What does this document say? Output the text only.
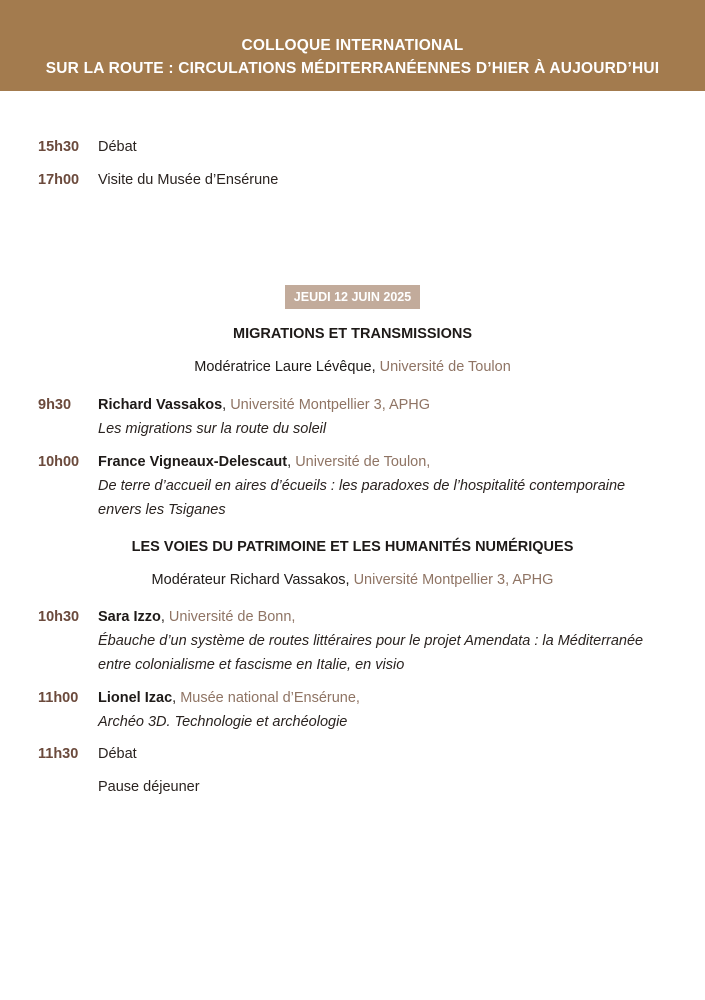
COLLOQUE INTERNATIONAL
SUR LA ROUTE : CIRCULATIONS MÉDITERRANÉENNES D’HIER À AUJOURD’HUI
15h30 Débat
17h00 Visite du Musée d’Ensérune
JEUDI 12 JUIN 2025
MIGRATIONS ET TRANSMISSIONS
Modératrice Laure Lévêque, Université de Toulon
9h30 Richard Vassakos, Université Montpellier 3, APHG
Les migrations sur la route du soleil
10h00 France Vigneaux-Delescaut, Université de Toulon,
De terre d’accueil en aires d’écueils : les paradoxes de l’hospitalité contemporaine
envers les Tsiganes
LES VOIES DU PATRIMOINE ET LES HUMANITÉS NUMÉRIQUES
Modérateur Richard Vassakos, Université Montpellier 3, APHG
10h30 Sara Izzo, Université de Bonn,
Ébauche d’un système de routes littéraires pour le projet Amendata : la Méditerranée
entre colonialisme et fascisme en Italie, en visio
11h00 Lionel Izac, Musée national d’Ensérune,
Archéo 3D. Technologie et archéologie
11h30 Débat
Pause déjeuner
